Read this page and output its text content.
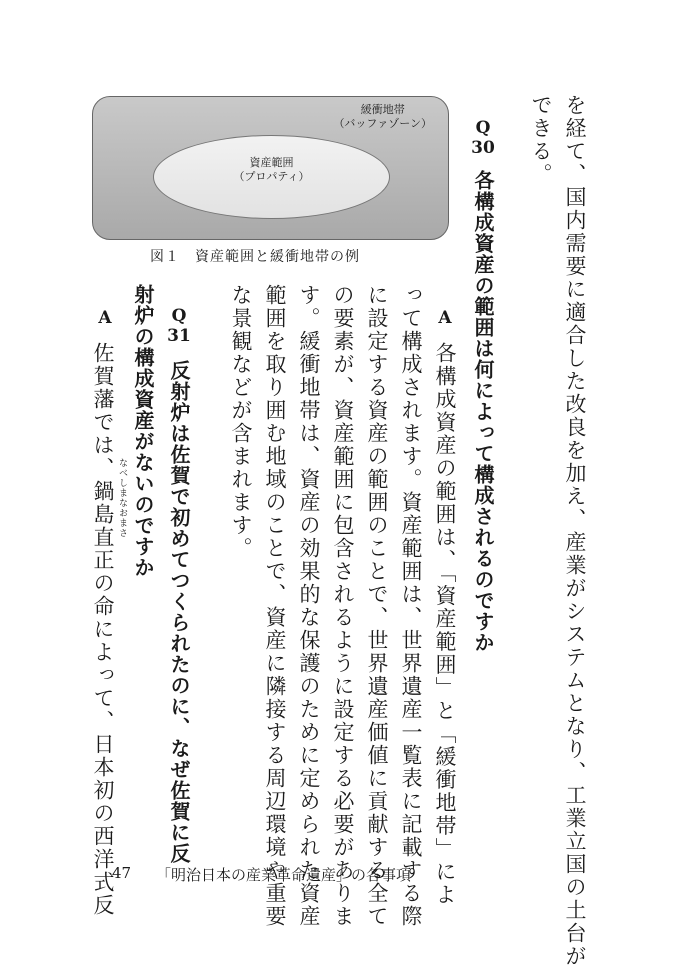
を経て、国内需要に適合した改良を加え、産業がシステムとなり、工業立国の土台が
できる。
Q
30
各構成資産の範囲は何によって構成されるのですか
A
各構成資産の範囲は、「資産範囲」と「緩衝地帯」によ
って構成されます。資産範囲は、世界遺産一覧表に記載する際
に設定する資産の範囲のことで、世界遺産価値に貢献する全て
の要素が、資産範囲に包含されるように設定する必要がありま
す。緩衝地帯は、資産の効果的な保護のために定められた資産
範囲を取り囲む地域のことで、資産に隣接する周辺環境や重要
な景観などが含まれます。
緩衝地帯
（バッファゾーン）
資産範囲
（プロパティ）
図１　資産範囲と緩衝地帯の例
Q
31
反射炉は佐賀で初めてつくられたのに、なぜ佐賀に反
射炉の構成資産がないのですか
A
佐賀藩では、鍋島直正の命によって、日本初の西洋式反 なべしまなおまさ
47 「明治日本の産業革命遺産」の各事項
